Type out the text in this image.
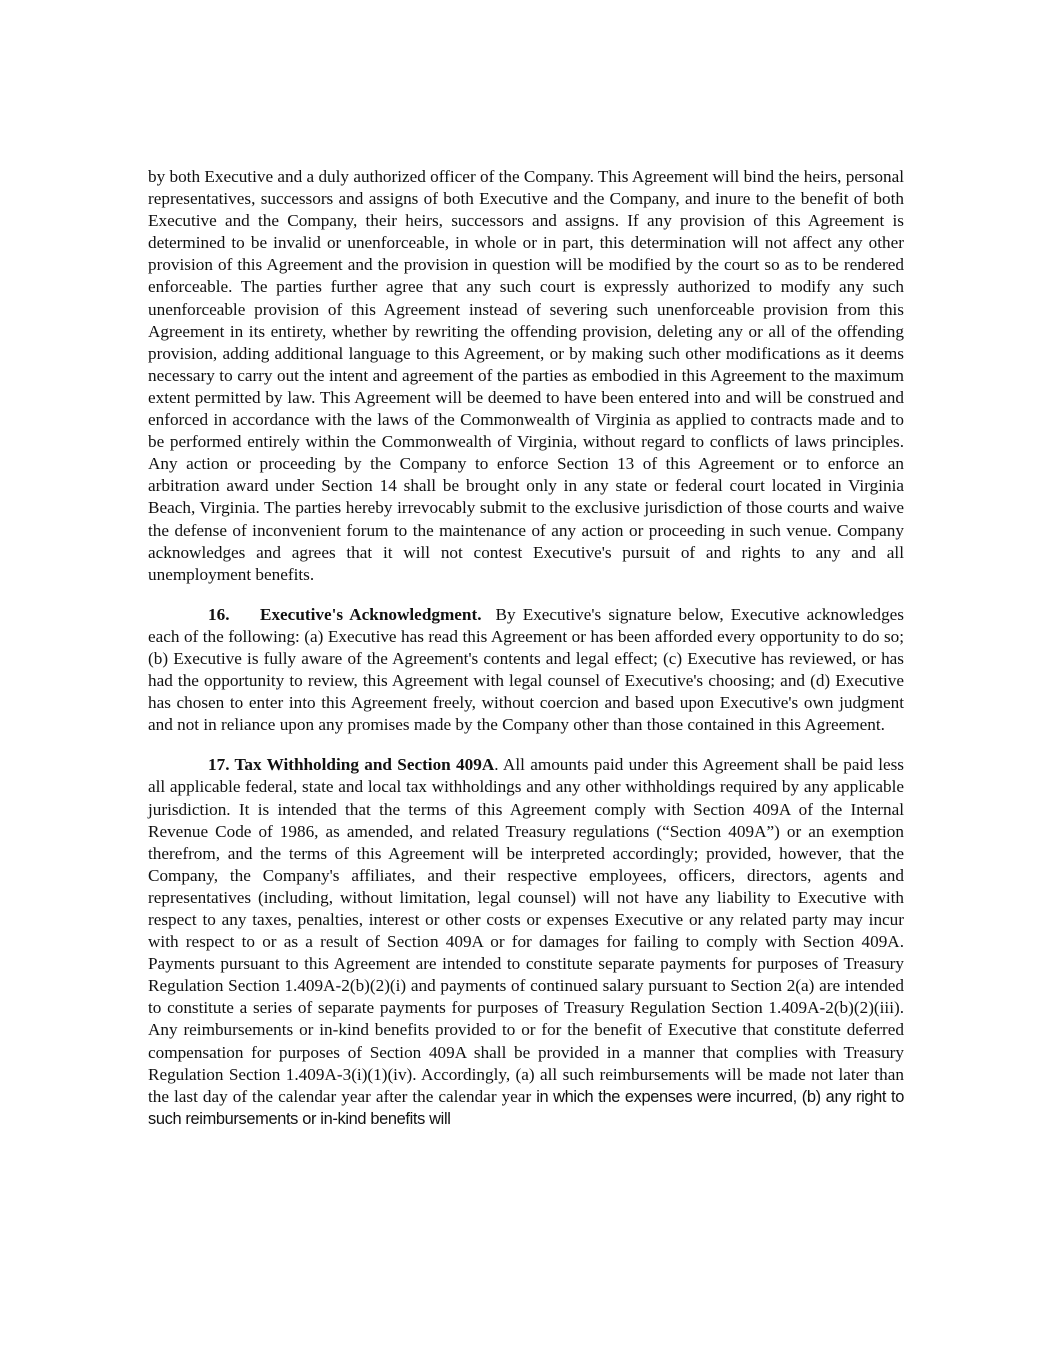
by both Executive and a duly authorized officer of the Company. This Agreement will bind the heirs, personal representatives, successors and assigns of both Executive and the Company, and inure to the benefit of both Executive and the Company, their heirs, successors and assigns. If any provision of this Agreement is determined to be invalid or unenforceable, in whole or in part, this determination will not affect any other provision of this Agreement and the provision in question will be modified by the court so as to be rendered enforceable. The parties further agree that any such court is expressly authorized to modify any such unenforceable provision of this Agreement instead of severing such unenforceable provision from this Agreement in its entirety, whether by rewriting the offending provision, deleting any or all of the offending provision, adding additional language to this Agreement, or by making such other modifications as it deems necessary to carry out the intent and agreement of the parties as embodied in this Agreement to the maximum extent permitted by law. This Agreement will be deemed to have been entered into and will be construed and enforced in accordance with the laws of the Commonwealth of Virginia as applied to contracts made and to be performed entirely within the Commonwealth of Virginia, without regard to conflicts of laws principles. Any action or proceeding by the Company to enforce Section 13 of this Agreement or to enforce an arbitration award under Section 14 shall be brought only in any state or federal court located in Virginia Beach, Virginia. The parties hereby irrevocably submit to the exclusive jurisdiction of those courts and waive the defense of inconvenient forum to the maintenance of any action or proceeding in such venue. Company acknowledges and agrees that it will not contest Executive's pursuit of and rights to any and all unemployment benefits.

16. Executive's Acknowledgment. By Executive's signature below, Executive acknowledges each of the following: (a) Executive has read this Agreement or has been afforded every opportunity to do so; (b) Executive is fully aware of the Agreement's contents and legal effect; (c) Executive has reviewed, or has had the opportunity to review, this Agreement with legal counsel of Executive's choosing; and (d) Executive has chosen to enter into this Agreement freely, without coercion and based upon Executive's own judgment and not in reliance upon any promises made by the Company other than those contained in this Agreement.

17. Tax Withholding and Section 409A. All amounts paid under this Agreement shall be paid less all applicable federal, state and local tax withholdings and any other withholdings required by any applicable jurisdiction. It is intended that the terms of this Agreement comply with Section 409A of the Internal Revenue Code of 1986, as amended, and related Treasury regulations (“Section 409A”) or an exemption therefrom, and the terms of this Agreement will be interpreted accordingly; provided, however, that the Company, the Company's affiliates, and their respective employees, officers, directors, agents and representatives (including, without limitation, legal counsel) will not have any liability to Executive with respect to any taxes, penalties, interest or other costs or expenses Executive or any related party may incur with respect to or as a result of Section 409A or for damages for failing to comply with Section 409A. Payments pursuant to this Agreement are intended to constitute separate payments for purposes of Treasury Regulation Section 1.409A-2(b)(2)(i) and payments of continued salary pursuant to Section 2(a) are intended to constitute a series of separate payments for purposes of Treasury Regulation Section 1.409A-2(b)(2)(iii). Any reimbursements or in-kind benefits provided to or for the benefit of Executive that constitute deferred compensation for purposes of Section 409A shall be provided in a manner that complies with Treasury Regulation Section 1.409A-3(i)(1)(iv). Accordingly, (a) all such reimbursements will be made not later than the last day of the calendar year after the calendar year in which the expenses were incurred, (b) any right to such reimbursements or in-kind benefits will
